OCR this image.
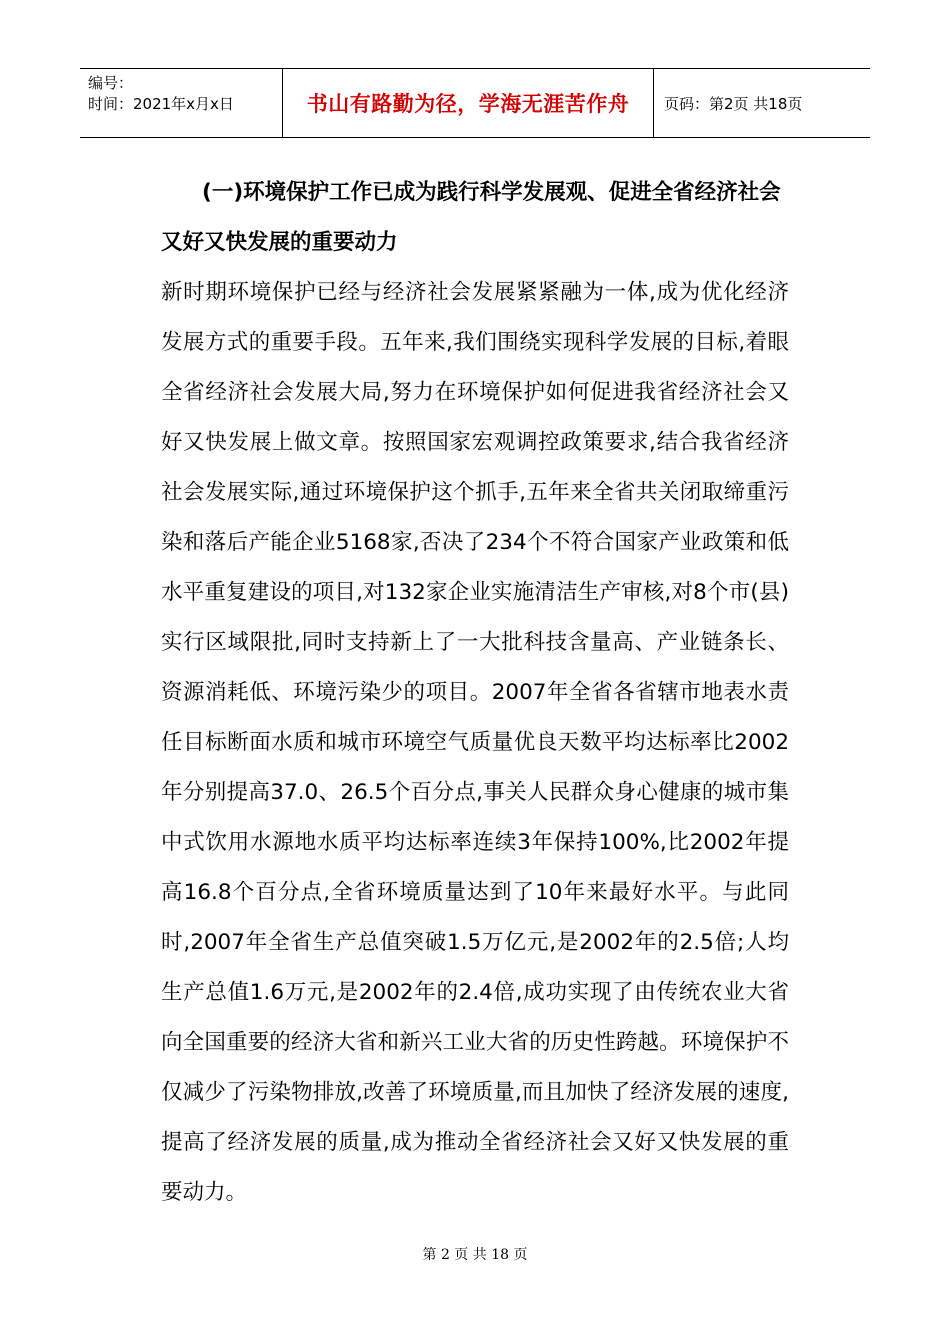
编号：
时间：2021年x月x日	书山有路勤为径，学海无涯苦作舟	页码：第2页 共18页

(一)环境保护工作已成为践行科学发展观、促进全省经济社会又好又快发展的重要动力

新时期环境保护已经与经济社会发展紧紧融为一体,成为优化经济发展方式的重要手段。五年来,我们围绕实现科学发展的目标,着眼全省经济社会发展大局,努力在环境保护如何促进我省经济社会又好又快发展上做文章。按照国家宏观调控政策要求,结合我省经济社会发展实际,通过环境保护这个抓手,五年来全省共关闭取缔重污染和落后产能企业5168家,否决了234个不符合国家产业政策和低水平重复建设的项目,对132家企业实施清洁生产审核,对8个市(县)实行区域限批,同时支持新上了一大批科技含量高、产业链条长、资源消耗低、环境污染少的项目。2007年全省各省辖市地表水责任目标断面水质和城市环境空气质量优良天数平均达标率比2002年分别提高37.0、26.5个百分点,事关人民群众身心健康的城市集中式饮用水源地水质平均达标率连续3年保持100%,比2002年提高16.8个百分点,全省环境质量达到了10年来最好水平。与此同时,2007年全省生产总值突破1.5万亿元,是2002年的2.5倍;人均生产总值1.6万元,是2002年的2.4倍,成功实现了由传统农业大省向全国重要的经济大省和新兴工业大省的历史性跨越。环境保护不仅减少了污染物排放,改善了环境质量,而且加快了经济发展的速度,提高了经济发展的质量,成为推动全省经济社会又好又快发展的重要动力。

第 2 页 共 18 页
